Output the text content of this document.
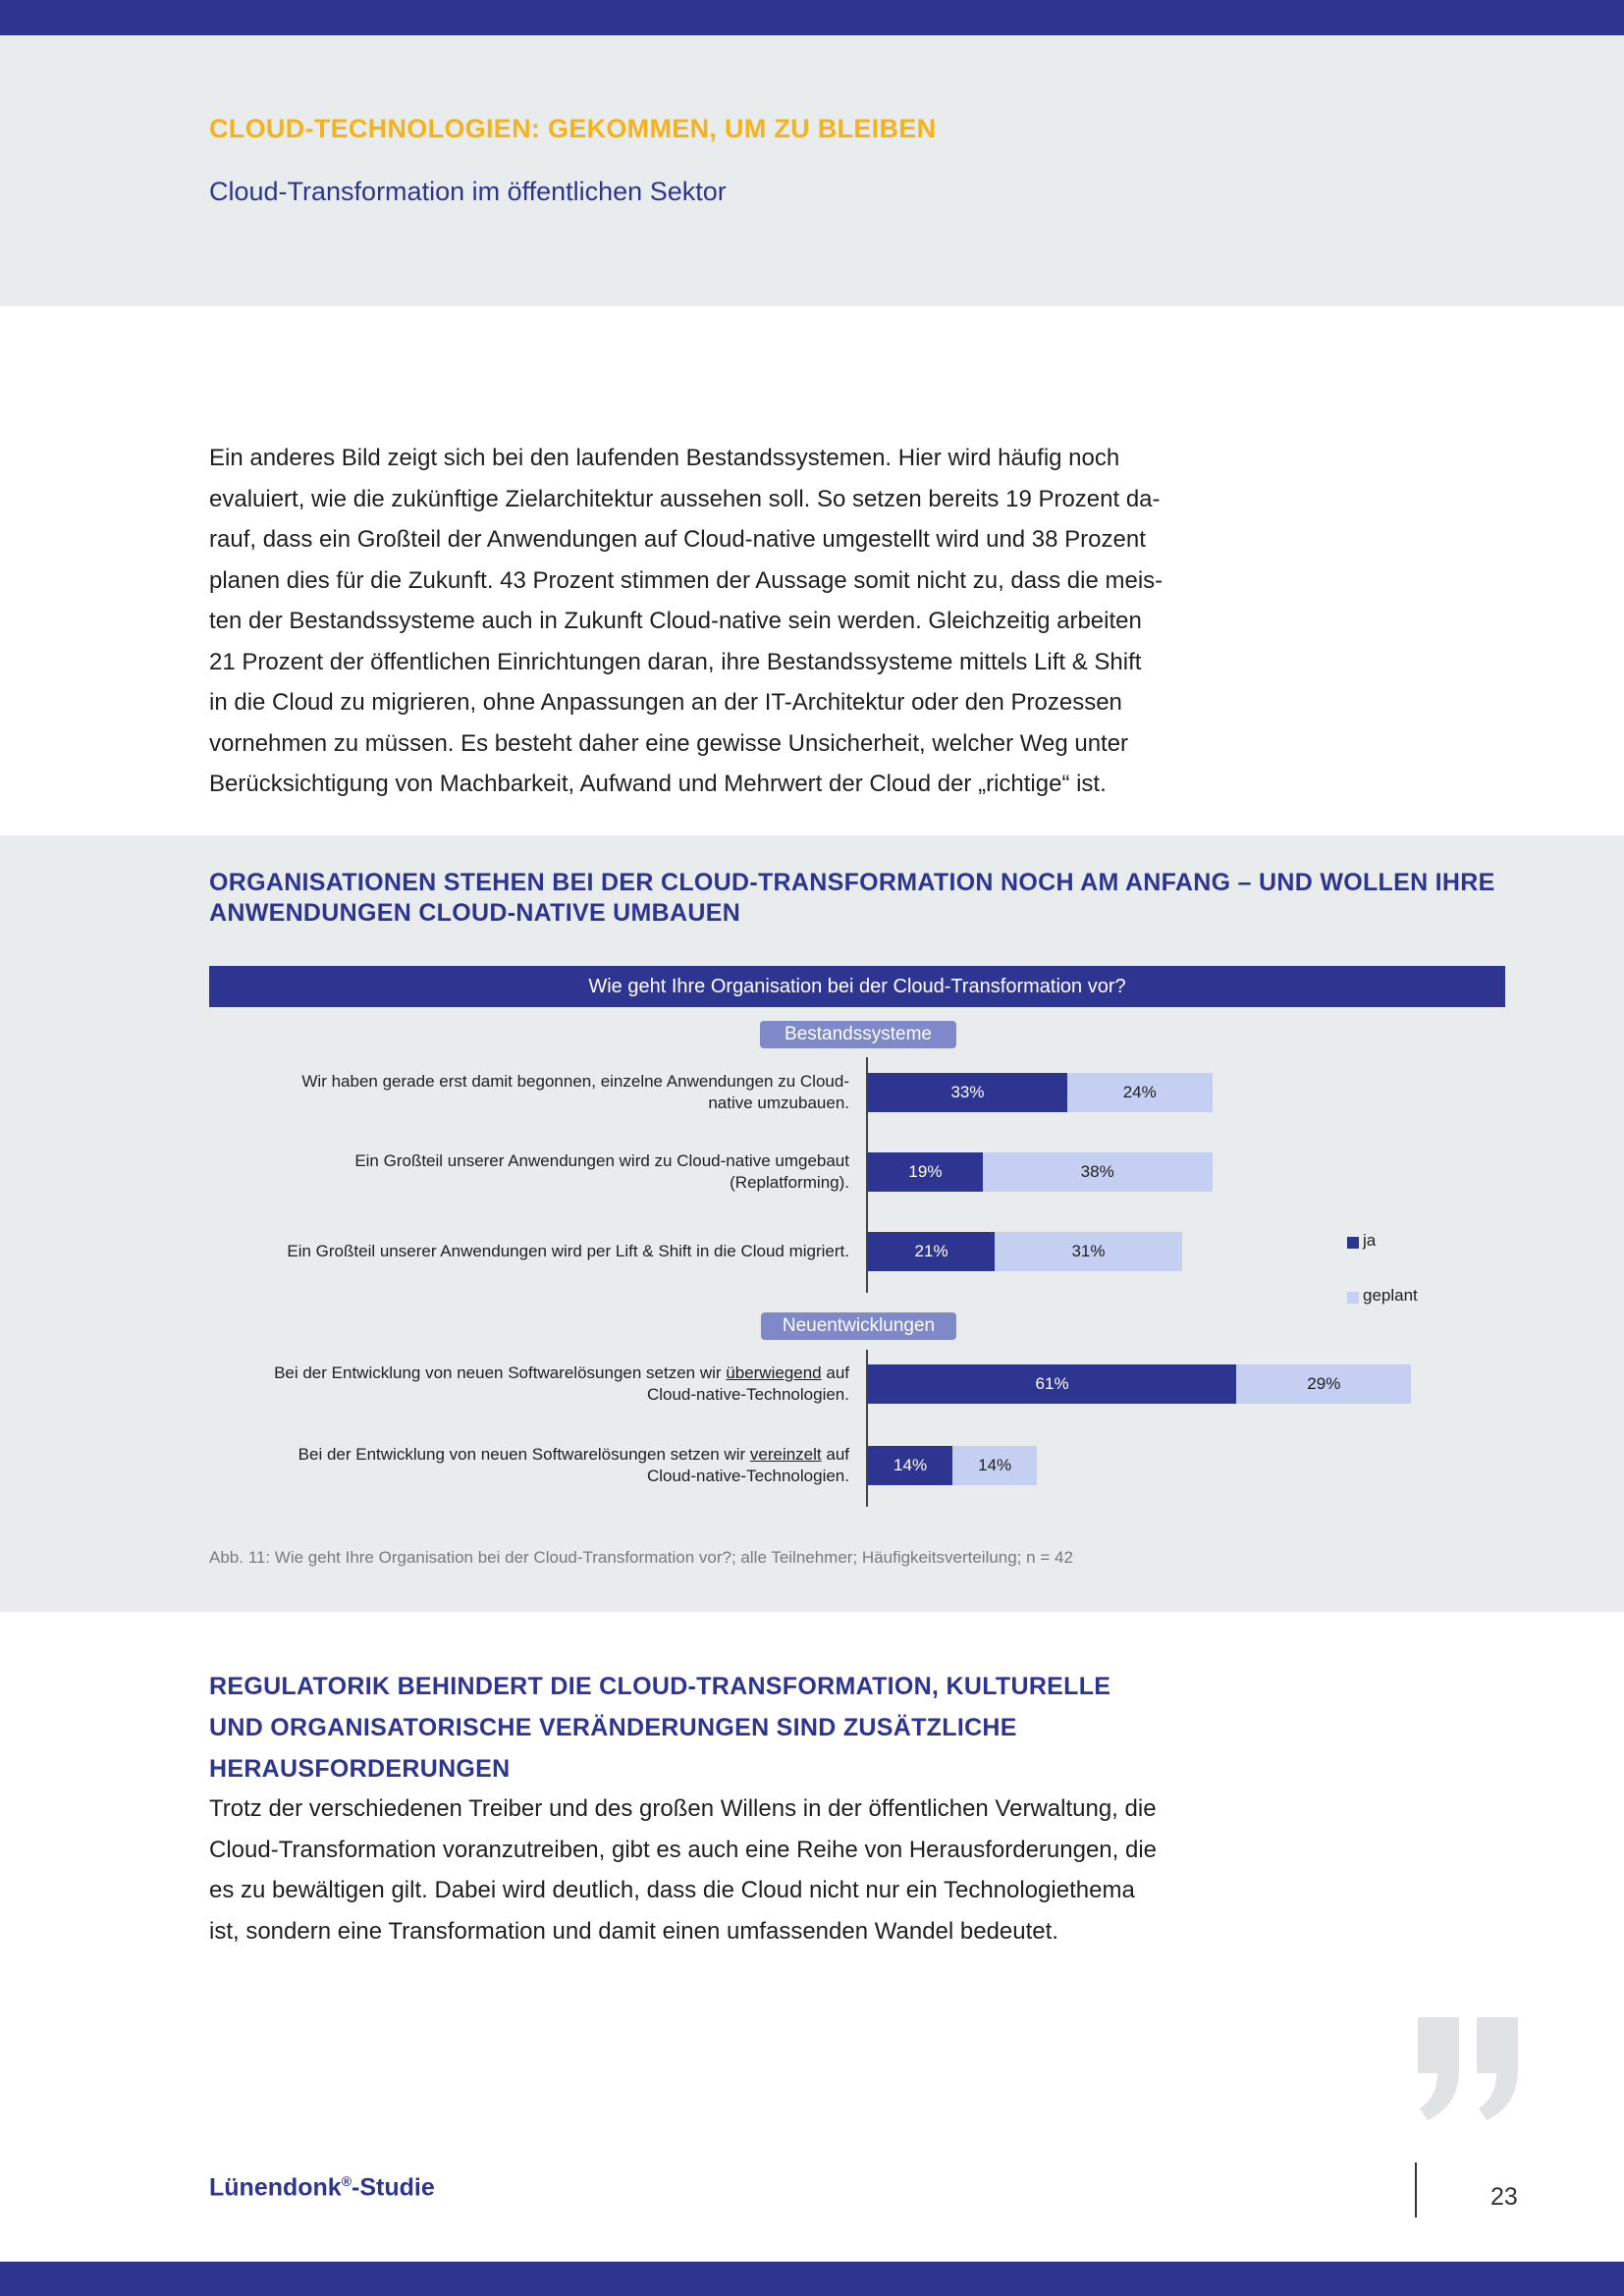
CLOUD-TECHNOLOGIEN: GEKOMMEN, UM ZU BLEIBEN
Cloud-Transformation im öffentlichen Sektor

Ein anderes Bild zeigt sich bei den laufenden Bestandssystemen. Hier wird häufig noch
evaluiert, wie die zukünftige Zielarchitektur aussehen soll. So setzen bereits 19 Prozent da-
rauf, dass ein Großteil der Anwendungen auf Cloud-native umgestellt wird und 38 Prozent
planen dies für die Zukunft. 43 Prozent stimmen der Aussage somit nicht zu, dass die meis-
ten der Bestandssysteme auch in Zukunft Cloud-native sein werden. Gleichzeitig arbeiten
21 Prozent der öffentlichen Einrichtungen daran, ihre Bestandssysteme mittels Lift & Shift
in die Cloud zu migrieren, ohne Anpassungen an der IT-Architektur oder den Prozessen
vornehmen zu müssen. Es besteht daher eine gewisse Unsicherheit, welcher Weg unter
Berücksichtigung von Machbarkeit, Aufwand und Mehrwert der Cloud der „richtige“ ist.

ORGANISATIONEN STEHEN BEI DER CLOUD-TRANSFORMATION NOCH AM ANFANG – UND WOLLEN IHRE ANWENDUNGEN CLOUD-NATIVE UMBAUEN

Wie geht Ihre Organisation bei der Cloud-Transformation vor?
Bestandssysteme
Wir haben gerade erst damit begonnen, einzelne Anwendungen zu Cloud-
native umzubauen.
33%	24%
Ein Großteil unserer Anwendungen wird zu Cloud-native umgebaut
(Replatforming).
19%	38%
Ein Großteil unserer Anwendungen wird per Lift & Shift in die Cloud migriert.	21%	31%
Neuentwicklungen
Bei der Entwicklung von neuen Softwarelösungen setzen wir überwiegend auf
Cloud-native-Technologien.
61%	29%
Bei der Entwicklung von neuen Softwarelösungen setzen wir vereinzelt auf
Cloud-native-Technologien.
14%	14%
ja
geplant
Abb. 11: Wie geht Ihre Organisation bei der Cloud-Transformation vor?; alle Teilnehmer; Häufigkeitsverteilung; n = 42
REGULATORIK BEHINDERT DIE CLOUD-TRANSFORMATION, KULTURELLE
UND ORGANISATORISCHE VERÄNDERUNGEN SIND ZUSÄTZLICHE
HERAUSFORDERUNGEN

Trotz der verschiedenen Treiber und des großen Willens in der öffentlichen Verwaltung, die
Cloud-Transformation voranzutreiben, gibt es auch eine Reihe von Herausforderungen, die
es zu bewältigen gilt. Dabei wird deutlich, dass die Cloud nicht nur ein Technologiethema
ist, sondern eine Transformation und damit einen umfassenden Wandel bedeutet.

Lünendonk®-Studie	23
